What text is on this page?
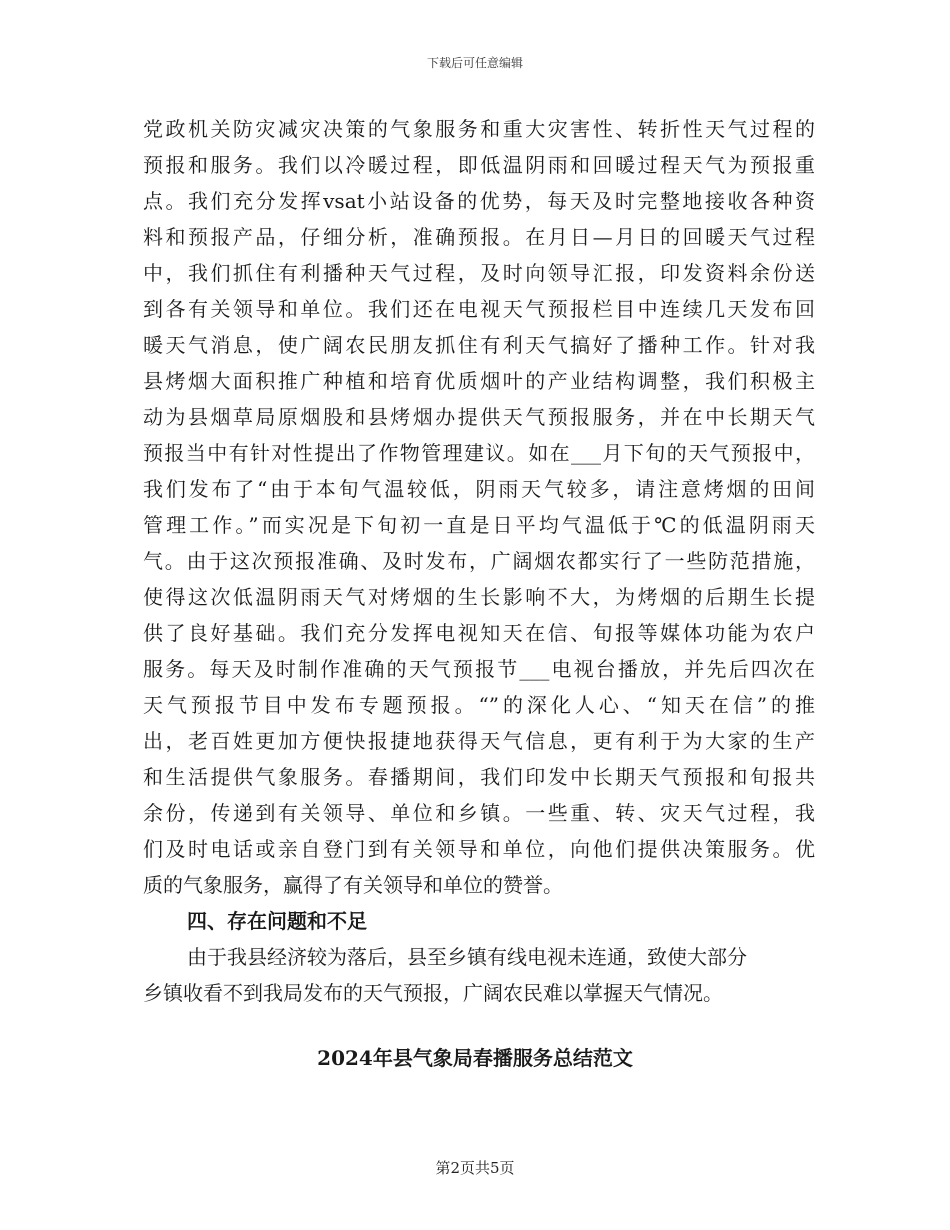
下载后可任意编辑
党政机关防灾减灾决策的气象服务和重大灾害性、转折性天气过程的
预报和服务。我们以冷暖过程，即低温阴雨和回暖过程天气为预报重
点。我们充分发挥vsat小站设备的优势，每天及时完整地接收各种资
料和预报产品，仔细分析，准确预报。在月日—月日的回暖天气过程
中，我们抓住有利播种天气过程，及时向领导汇报，印发资料余份送
到各有关领导和单位。我们还在电视天气预报栏目中连续几天发布回
暖天气消息，使广阔农民朋友抓住有利天气搞好了播种工作。针对我
县烤烟大面积推广种植和培育优质烟叶的产业结构调整，我们积极主
动为县烟草局原烟股和县烤烟办提供天气预报服务，并在中长期天气
预报当中有针对性提出了作物管理建议。如在___月下旬的天气预报中，
我们发布了“由于本旬气温较低，阴雨天气较多，请注意烤烟的田间
管理工作。”而实况是下旬初一直是日平均气温低于℃的低温阴雨天
气。由于这次预报准确、及时发布，广阔烟农都实行了一些防范措施，
使得这次低温阴雨天气对烤烟的生长影响不大，为烤烟的后期生长提
供了良好基础。我们充分发挥电视知天在信、旬报等媒体功能为农户
服务。每天及时制作准确的天气预报节___电视台播放，并先后四次在
天气预报节目中发布专题预报。“”的深化人心、“知天在信”的推
出，老百姓更加方便快报捷地获得天气信息，更有利于为大家的生产
和生活提供气象服务。春播期间，我们印发中长期天气预报和旬报共
余份，传递到有关领导、单位和乡镇。一些重、转、灾天气过程，我
们及时电话或亲自登门到有关领导和单位，向他们提供决策服务。优
质的气象服务，赢得了有关领导和单位的赞誉。
四、存在问题和不足
由于我县经济较为落后，县至乡镇有线电视未连通，致使大部分
乡镇收看不到我局发布的天气预报，广阔农民难以掌握天气情况。
2024年县气象局春播服务总结范文
第2页共5页
